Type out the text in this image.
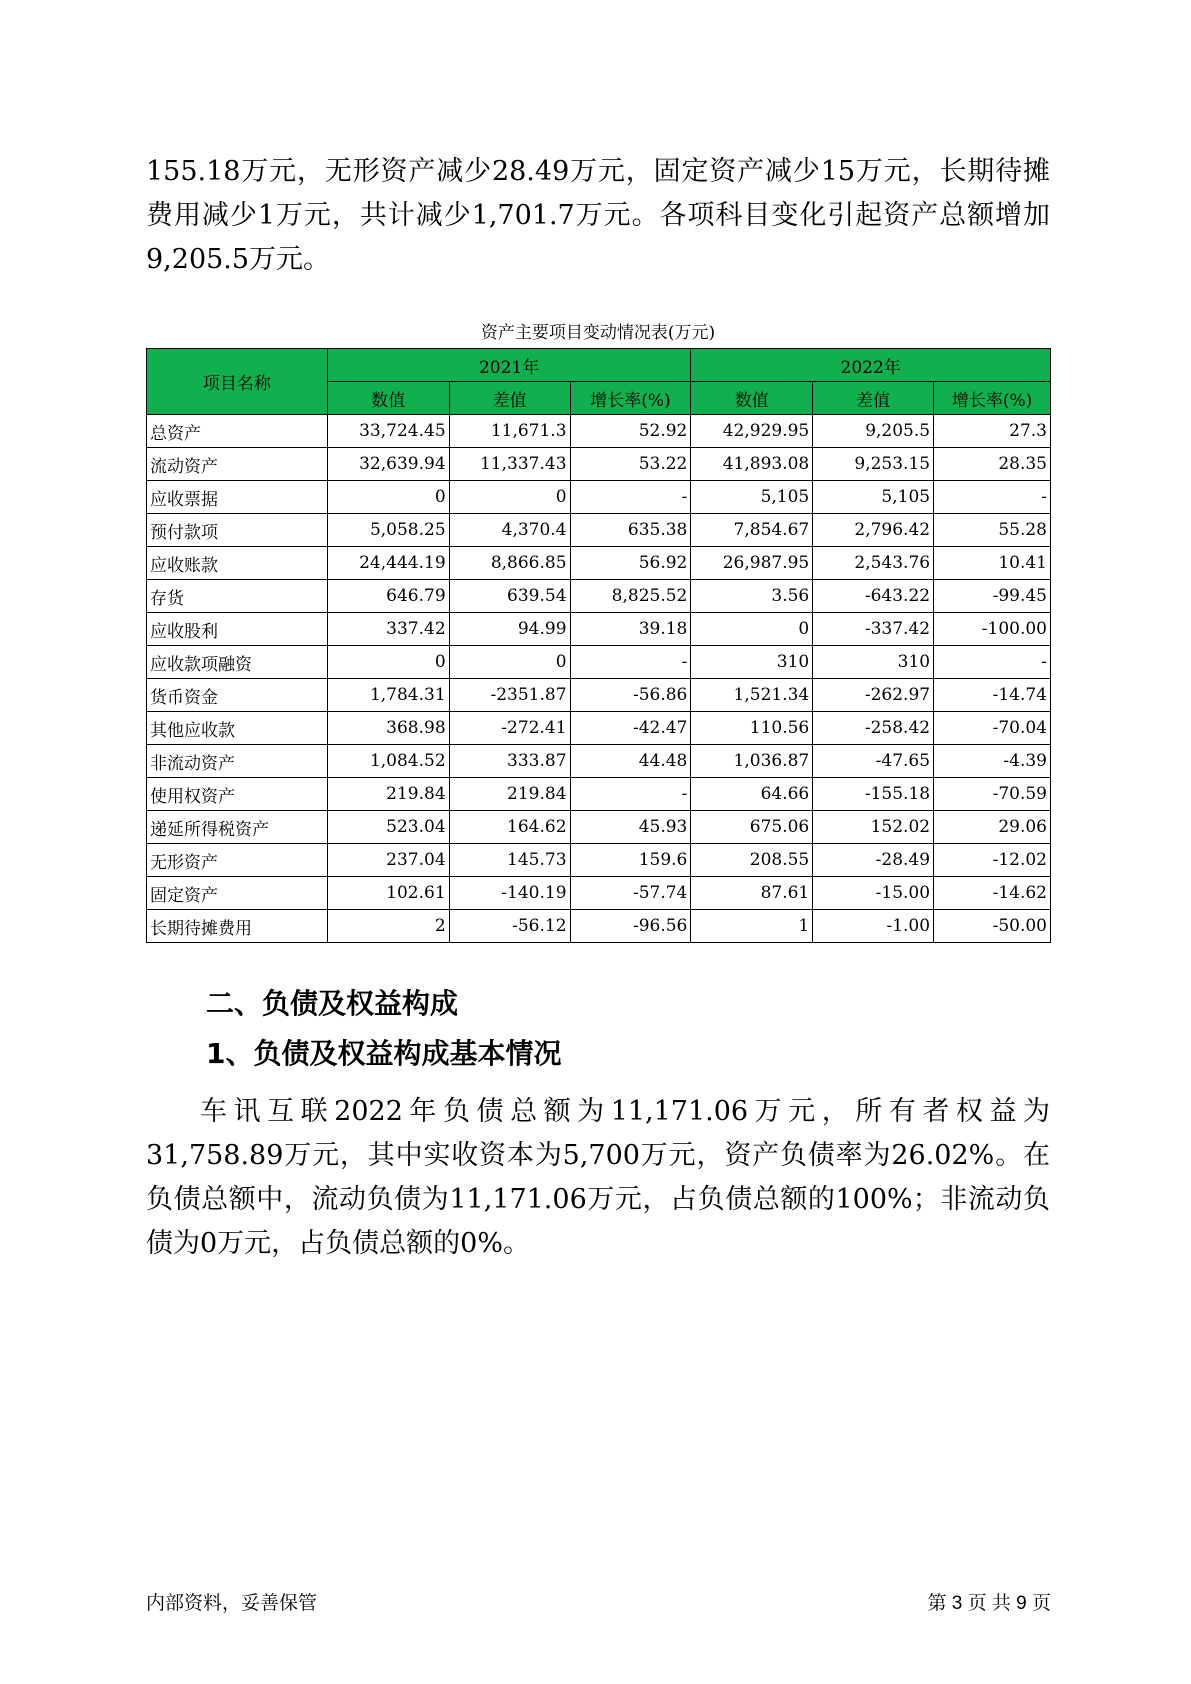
155.18万元，无形资产减少28.49万元，固定资产减少15万元，长期待摊费用减少1万元，共计减少1,701.7万元。各项科目变化引起资产总额增加9,205.5万元。

资产主要项目变动情况表(万元)
项目名称	2021年			2022年		
	数值	差值	增长率(%)	数值	差值	增长率(%)
总资产	33,724.45	11,671.3	52.92	42,929.95	9,205.5	27.3
流动资产	32,639.94	11,337.43	53.22	41,893.08	9,253.15	28.35
应收票据	0	0	-	5,105	5,105	-
预付款项	5,058.25	4,370.4	635.38	7,854.67	2,796.42	55.28
应收账款	24,444.19	8,866.85	56.92	26,987.95	2,543.76	10.41
存货	646.79	639.54	8,825.52	3.56	-643.22	-99.45
应收股利	337.42	94.99	39.18	0	-337.42	-100.00
应收款项融资	0	0	-	310	310	-
货币资金	1,784.31	-2351.87	-56.86	1,521.34	-262.97	-14.74
其他应收款	368.98	-272.41	-42.47	110.56	-258.42	-70.04
非流动资产	1,084.52	333.87	44.48	1,036.87	-47.65	-4.39
使用权资产	219.84	219.84	-	64.66	-155.18	-70.59
递延所得税资产	523.04	164.62	45.93	675.06	152.02	29.06
无形资产	237.04	145.73	159.6	208.55	-28.49	-12.02
固定资产	102.61	-140.19	-57.74	87.61	-15.00	-14.62
长期待摊费用	2	-56.12	-96.56	1	-1.00	-50.00
二、负债及权益构成
1、负债及权益构成基本情况

车讯互联2022年负债总额为11,171.06万元，所有者权益为31,758.89万元，其中实收资本为5,700万元，资产负债率为26.02%。在负债总额中，流动负债为11,171.06万元，占负债总额的100%；非流动负债为0万元，占负债总额的0%。

内部资料，妥善保管	第 3 页 共 9 页
